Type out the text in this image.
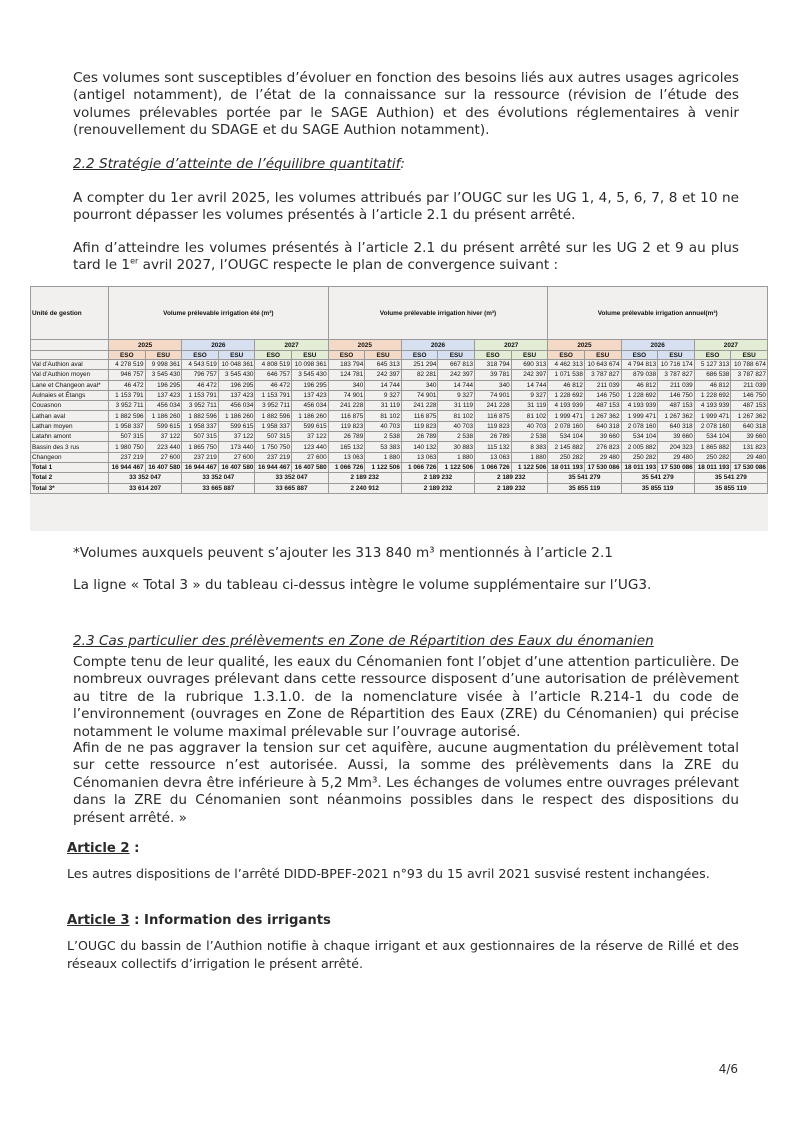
Ces volumes sont susceptibles d’évoluer en fonction des besoins liés aux autres usages agricoles (antigel notamment), de l’état de la connaissance sur la ressource (révision de l’étude des volumes prélevables portée par le SAGE Authion) et des évolutions réglementaires à venir (renouvellement du SDAGE et du SAGE Authion notamment).
2.2 Stratégie d’atteinte de l’équilibre quantitatif:
A compter du 1er avril 2025, les volumes attribués par l’OUGC sur les UG 1, 4, 5, 6, 7, 8 et 10 ne pourront dépasser les volumes présentés à l’article 2.1 du présent arrêté.
Afin d’atteindre les volumes présentés à l’article 2.1 du présent arrêté sur les UG 2 et 9 au plus tard le 1er avril 2027, l’OUGC respecte le plan de convergence suivant :
Unité de gestion	Volume prélevable irrigation été (m³)						Volume prélevable irrigation hiver (m³)						Volume prélevable irrigation annuel(m³)					
	2025		2026		2027		2025		2026		2027		2025		2026		2027	
	ESO	ESU	ESO	ESU	ESO	ESU	ESO	ESU	ESO	ESU	ESO	ESU	ESO	ESU	ESO	ESU	ESO	ESU
Val d’Authion aval	4 278 519	9 998 361	4 543 519	10 048 361	4 808 519	10 098 361	183 794	645 313	251 294	667 813	318 794	690 313	4 462 313	10 643 674	4 794 813	10 716 174	5 127 313	10 788 674
Val d’Authion moyen	946 757	3 545 430	796 757	3 545 430	646 757	3 545 430	124 781	242 397	82 281	242 397	39 781	242 397	1 071 538	3 787 827	879 038	3 787 827	686 538	3 787 827
Lane et Changeon aval*	46 472	196 295	46 472	196 295	46 472	196 295	340	14 744	340	14 744	340	14 744	46 812	211 039	46 812	211 039	46 812	211 039
Aulnaies et Étangs	1 153 791	137 423	1 153 791	137 423	1 153 791	137 423	74 901	9 327	74 901	9 327	74 901	9 327	1 228 692	146 750	1 228 692	146 750	1 228 692	146 750
Couasnon	3 952 711	456 034	3 952 711	456 034	3 952 711	456 034	241 228	31 119	241 228	31 119	241 228	31 119	4 193 939	487 153	4 193 939	487 153	4 193 939	487 153
Lathan aval	1 882 596	1 186 260	1 882 596	1 186 260	1 882 596	1 186 260	116 875	81 102	116 875	81 102	116 875	81 102	1 999 471	1 267 362	1 999 471	1 267 362	1 999 471	1 267 362
Lathan moyen	1 958 337	599 615	1 958 337	599 615	1 958 337	599 615	119 823	40 703	119 823	40 703	119 823	40 703	2 078 160	640 318	2 078 160	640 318	2 078 160	640 318
Latahn amont	507 315	37 122	507 315	37 122	507 315	37 122	26 789	2 538	26 789	2 538	26 789	2 538	534 104	39 660	534 104	39 660	534 104	39 660
Bassin des 3 rus	1 980 750	223 440	1 865 750	173 440	1 750 750	123 440	165 132	53 383	140 132	30 883	115 132	8 383	2 145 882	276 823	2 005 882	204 323	1 865 882	131 823
Changeon	237 219	27 600	237 219	27 600	237 219	27 600	13 063	1 880	13 063	1 880	13 063	1 880	250 282	29 480	250 282	29 480	250 282	29 480
Total 1	16 944 467	16 407 580	16 944 467	16 407 580	16 944 467	16 407 580	1 066 726	1 122 506	1 066 726	1 122 506	1 066 726	1 122 506	18 011 193	17 530 086	18 011 193	17 530 086	18 011 193	17 530 086
Total 2	33 352 047		33 352 047		33 352 047		2 189 232		2 189 232		2 189 232		35 541 279		35 541 279		35 541 279	
Total 3*	33 614 207		33 665 887		33 665 887		2 240 912		2 189 232		2 189 232		35 855 119		35 855 119		35 855 119	
*Volumes auxquels peuvent s’ajouter les 313 840 m³ mentionnés à l’article 2.1
La ligne « Total 3 » du tableau ci-dessus intègre le volume supplémentaire sur l’UG3.
2.3 Cas particulier des prélèvements en Zone de Répartition des Eaux du énomanien
Compte tenu de leur qualité, les eaux du Cénomanien font l’objet d’une attention particulière. De nombreux ouvrages prélevant dans cette ressource disposent d’une autorisation de prélèvement au titre de la rubrique 1.3.1.0. de la nomenclature visée à l’article R.214-1 du code de l’environnement (ouvrages en Zone de Répartition des Eaux (ZRE) du Cénomanien) qui précise notamment le volume maximal prélevable sur l’ouvrage autorisé.
Afin de ne pas aggraver la tension sur cet aquifère, aucune augmentation du prélèvement total sur cette ressource n’est autorisée. Aussi, la somme des prélèvements dans la ZRE du Cénomanien devra être inférieure à 5,2 Mm³. Les échanges de volumes entre ouvrages prélevant dans la ZRE du Cénomanien sont néanmoins possibles dans le respect des dispositions du présent arrêté. »
Article 2 :
Les autres dispositions de l’arrêté DIDD-BPEF-2021 n°93 du 15 avril 2021 susvisé restent inchangées.
Article 3 : Information des irrigants
L’OUGC du bassin de l’Authion notifie à chaque irrigant et aux gestionnaires de la réserve de Rillé et des réseaux collectifs d’irrigation le présent arrêté.
4/6
